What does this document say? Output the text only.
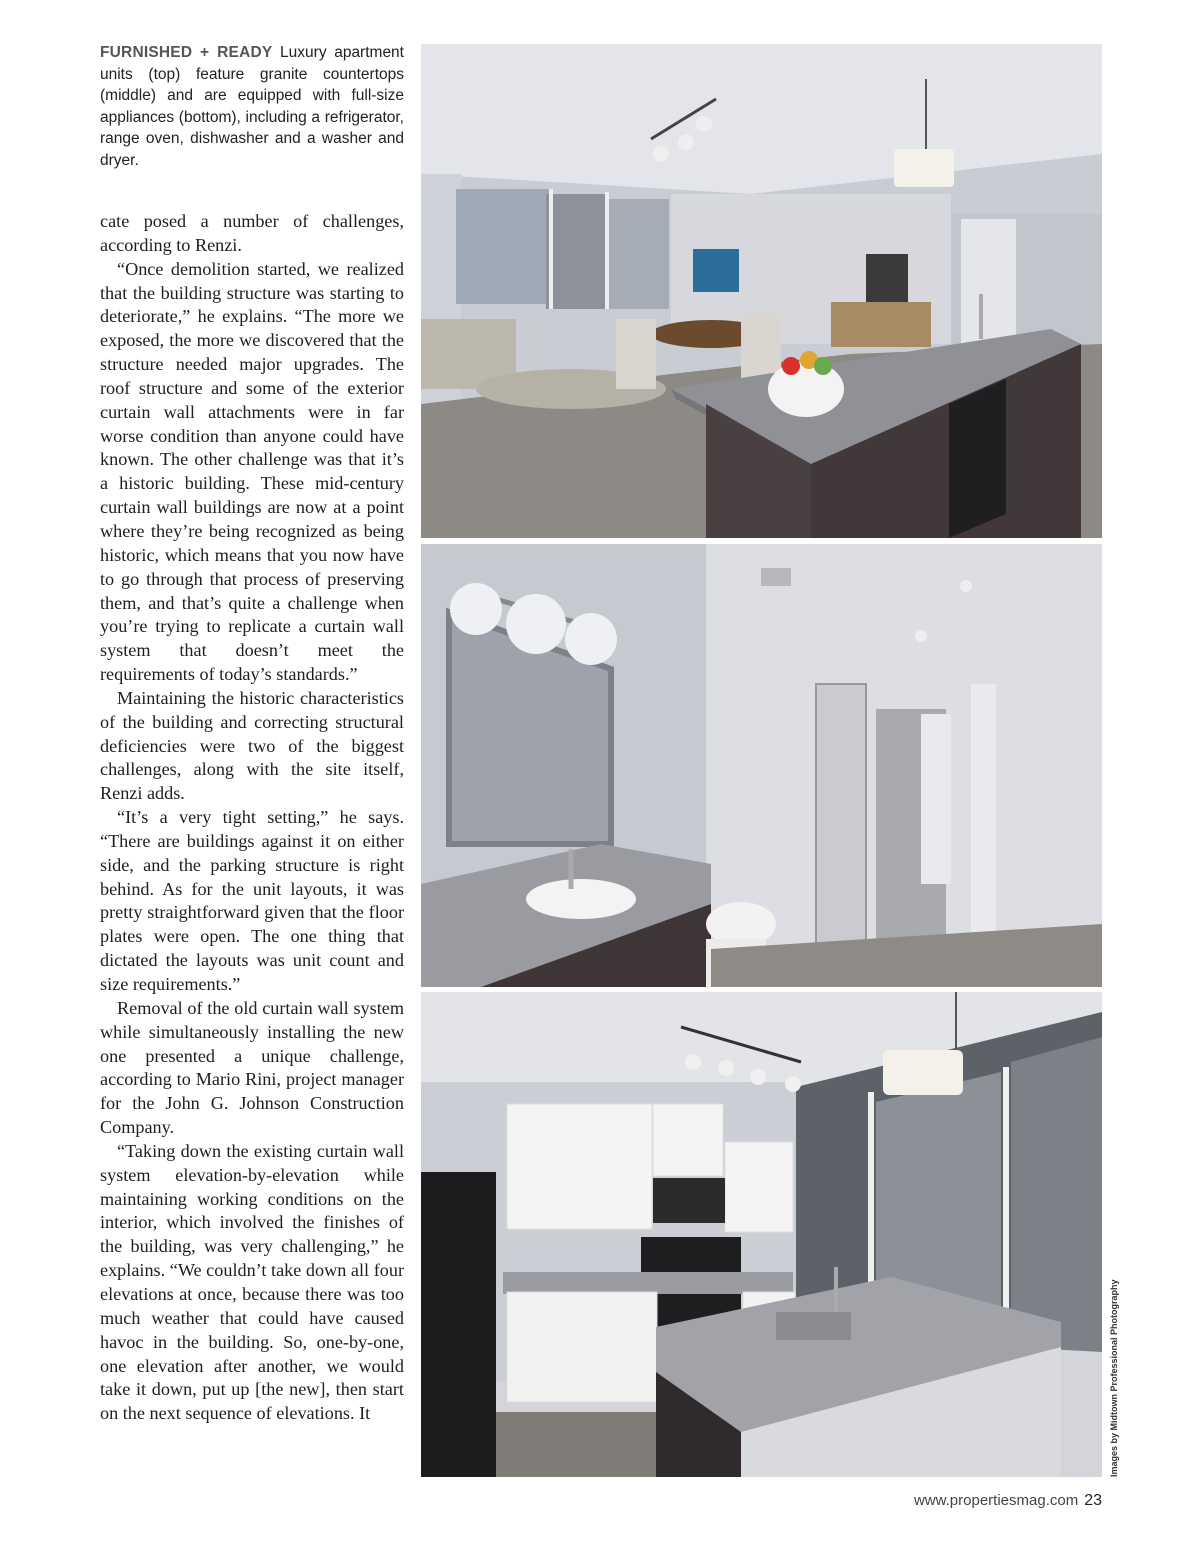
FURNISHED + READY Luxury apartment units (top) feature granite countertops (middle) and are equipped with full-size appliances (bottom), including a refrigerator, range oven, dishwasher and a washer and dryer.

cate posed a number of challenges, according to Renzi.

“Once demolition started, we realized that the building structure was starting to deteriorate,” he explains. “The more we exposed, the more we discovered that the structure needed major upgrades. The roof structure and some of the exterior curtain wall attachments were in far worse condition than anyone could have known. The other challenge was that it’s a historic building. These mid-century curtain wall buildings are now at a point where they’re being recognized as being historic, which means that you now have to go through that process of preserving them, and that’s quite a challenge when you’re trying to replicate a curtain wall system that doesn’t meet the requirements of today’s standards.”

Maintaining the historic characteristics of the building and correcting structural deficiencies were two of the biggest challenges, along with the site itself, Renzi adds.

“It’s a very tight setting,” he says. “There are buildings against it on either side, and the parking structure is right behind. As for the unit layouts, it was pretty straightforward given that the floor plates were open. The one thing that dictated the layouts was unit count and size requirements.”

Removal of the old curtain wall system while simultaneously installing the new one presented a unique challenge, according to Mario Rini, project manager for the John G. Johnson Construction Company.

“Taking down the existing curtain wall system elevation-by-elevation while maintaining working conditions on the interior, which involved the finishes of the building, was very challenging,” he explains. “We couldn’t take down all four elevations at once, because there was too much weather that could have caused havoc in the building. So, one-by-one, one elevation after another, we would take it down, put up [the new], then start on the next sequence of elevations. It	Images by Midtown Professional Photography
www.propertiesmag.com 23
